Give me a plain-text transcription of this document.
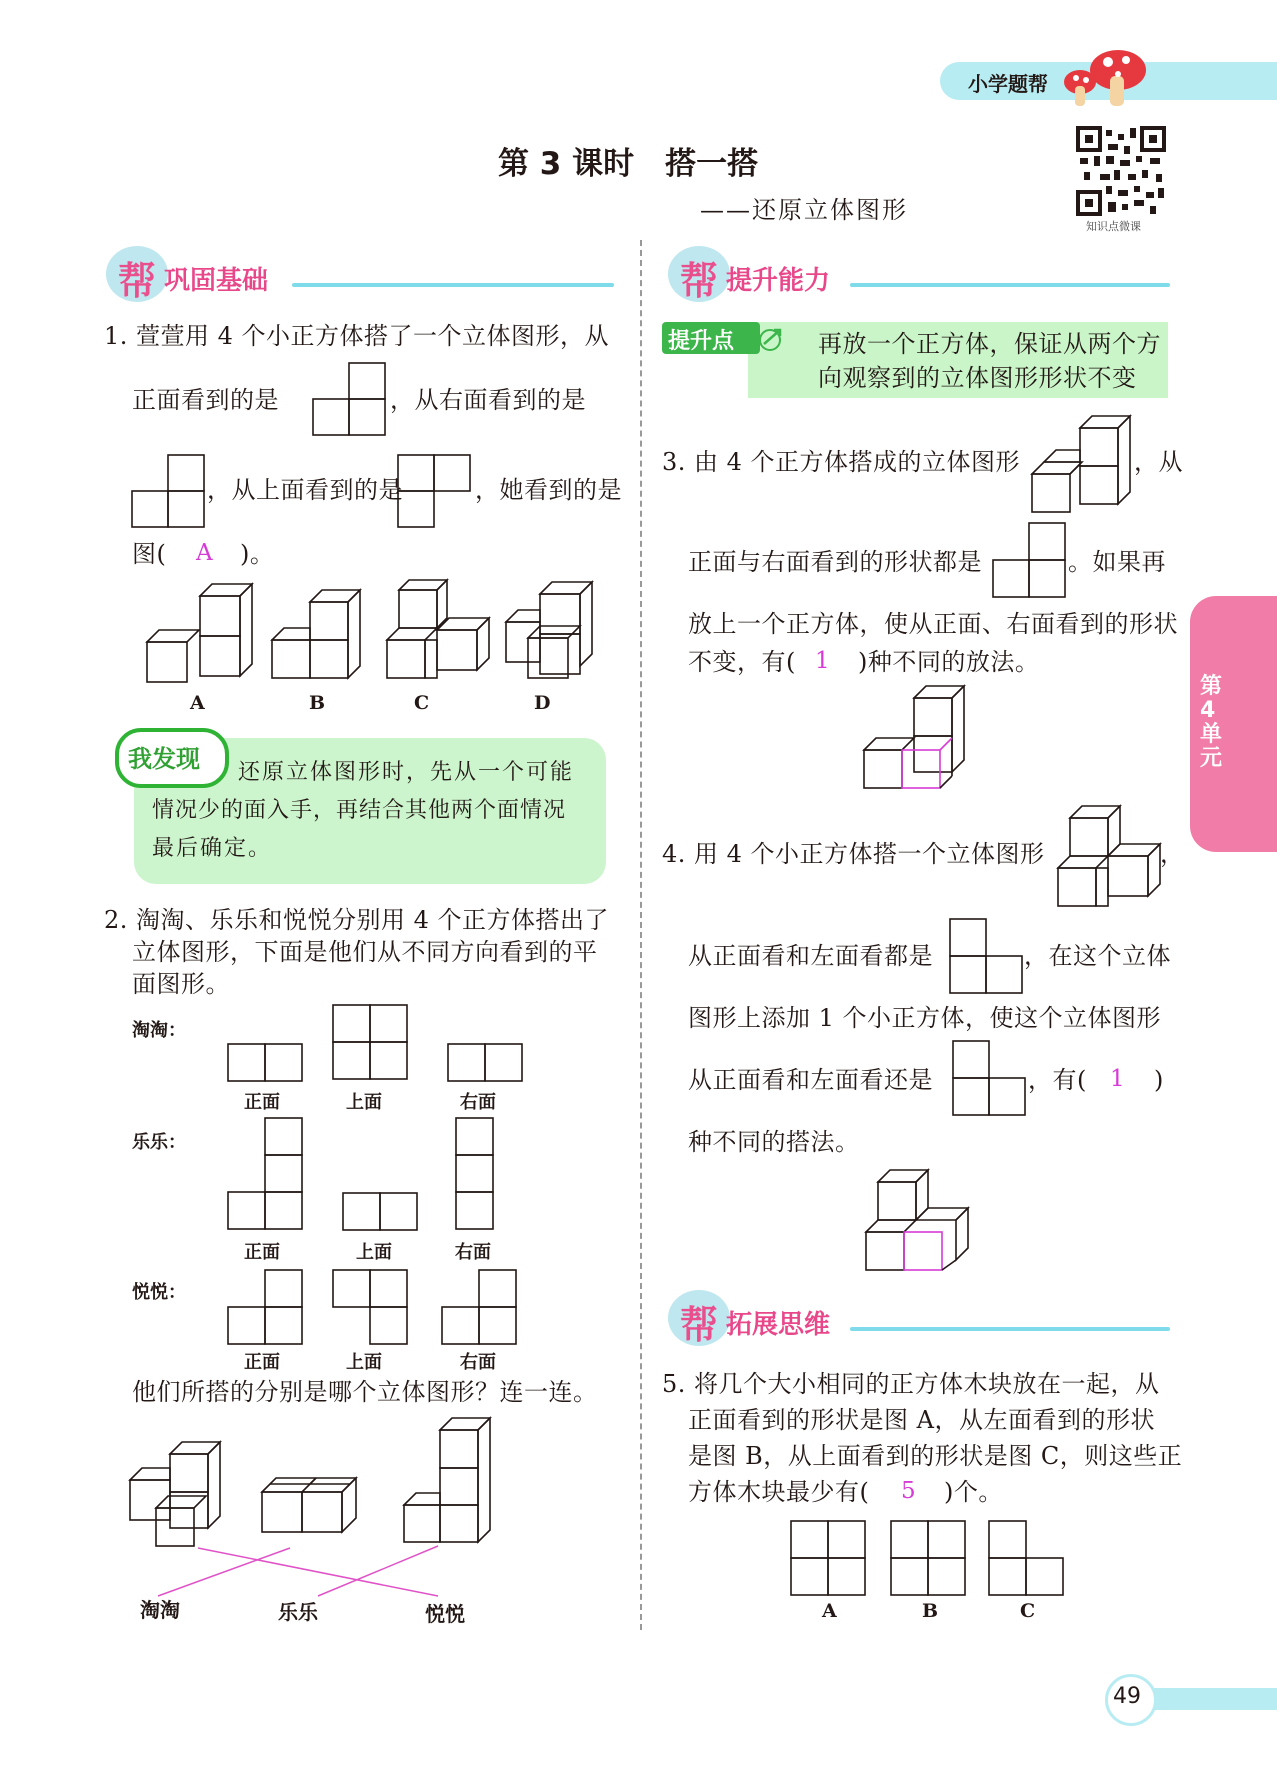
小学题帮
第 3 课时　搭一搭
——还原立体图形
知识点微课
第4单元
帮 巩固基础
1. 萱萱用 4 个小正方体搭了一个立体图形，从
正面看到的是	，从右面看到的是
，从上面看到的是	，她看到的是
图( A )。
A	B	C	D
我发现 还原立体图形时，先从一个可能
情况少的面入手，再结合其他两个面情况
最后确定。
2. 淘淘、乐乐和悦悦分别用 4 个正方体搭出了
立体图形，下面是他们从不同方向看到的平
面图形。
淘淘：
正面	上面	右面
乐乐：
正面	上面	右面
悦悦：
正面	上面	右面
他们所搭的分别是哪个立体图形？连一连。
淘淘	乐乐	悦悦
帮 提升能力
提升点	再放一个正方体，保证从两个方
向观察到的立体图形形状不变
3. 由 4 个正方体搭成的立体图形	，从
正面与右面看到的形状都是	。如果再
放上一个正方体，使从正面、右面看到的形状
不变，有( 1 )种不同的放法。
4. 用 4 个小正方体搭一个立体图形	，
从正面看和左面看都是	，在这个立体
图形上添加 1 个小正方体，使这个立体图形
从正面看和左面看还是	，有( 1 )
种不同的搭法。
帮 拓展思维
5. 将几个大小相同的正方体木块放在一起，从
正面看到的形状是图 A，从左面看到的形状
是图 B，从上面看到的形状是图 C，则这些正
方体木块最少有( 5 )个。
A	B	C
49
